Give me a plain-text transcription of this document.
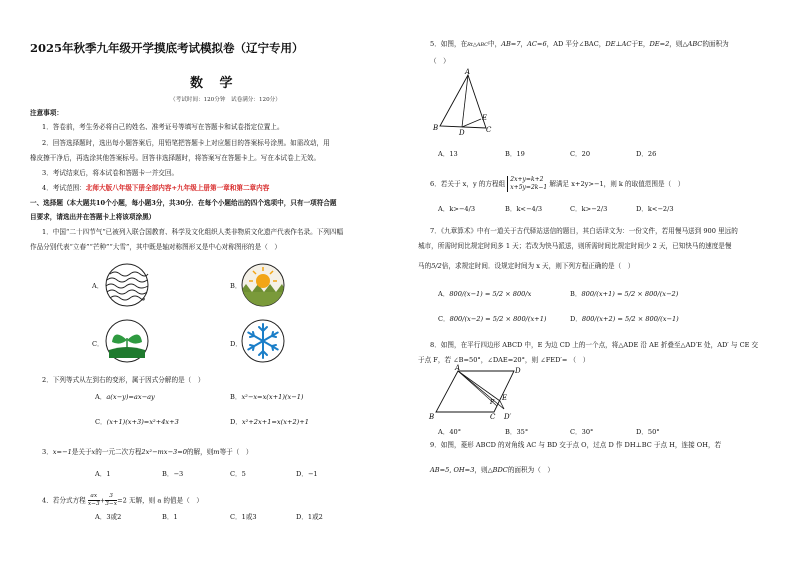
2025年秋季九年级开学摸底考试模拟卷（辽宁专用）
数 学
（考试时间：120分钟　试卷满分：120分）
注意事项：
1．答卷前，考生务必将自己的姓名、准考证号等填写在答题卡和试卷指定位置上。
2．回答选择题时，选出每小题答案后，用铅笔把答题卡上对应题目的答案标号涂黑。如需改动，用
橡皮擦干净后，再选涂其他答案标号。回答非选择题时，将答案写在答题卡上。写在本试卷上无效。
3．考试结束后，将本试卷和答题卡一并交回。
4．考试范围：北师大版八年级下册全部内容+九年级上册第一章和第二章内容
一、选择题（本大题共10个小题，每小题3分，共30分．在每个小题给出的四个选项中，只有一项符合题
目要求，请选出并在答题卡上将该项涂黑）
1．中国“二十四节气”已被列入联合国教育、科学及文化组织人类非物质文化遗产代表作名录。下列四幅
作品分别代表“立春”“芒种”“大雪”，其中既是轴对称图形又是中心对称图形的是（　）
A．	B．
C．	D．
2．下列等式从左到右的变形，属于因式分解的是（　）
A．a(x−y)=ax−ay	B．x²−x=x(x+1)(x−1)
C．(x+1)(x+3)=x²+4x+3	D．x²+2x+1=x(x+2)+1
3．x=−1是关于x的一元二次方程2x²−mx−3=0的解，则m等于（　）
A．1	B．−3	C．5	D．−1
4．若分式方程 $\frac{ax}{x-3} + \frac{3}{3-x} =2$ 无解，则 a 的值是（　）
A．3或2	B．1	C．1或3	D．1或2
5．如图，在Rt△ABC中，AB=7，AC=6，AD 平分∠BAC，DE⊥AC于E，DE=2，则△ABC的面积为
（　）
A
B	C
D
E
A．13	B．19	C．20	D．26
6．若关于 x，y 的方程组
2x+y=k+2
x+5y=2k−1 解满足 x+2y>−1，则 k 的取值范围是（　）
A．k>−4/3	B．k<−4/3	C．k>−2/3	D．k<−2/3
7．《九章算术》中有一道关于古代驿站送信的题目，其白话译文为：一份文件，若用慢马送到 900 里远的
城市，所需时间比规定时间多 1 天；若改为快马派送，则所需时间比规定时间少 2 天，已知快马的速度是慢
马的5/2倍，求规定时间．设规定时间为 x 天，则下列方程正确的是（　）
A．800/(x−1) = 5/2 × 800/x	B．800/(x+1) = 5/2 × 800/(x−2)
C．800/(x−2) = 5/2 × 800/(x+1)	D．800/(x+2) = 5/2 × 800/(x−1)
8．如图，在平行四边形 ABCD 中，E 为边 CD 上的一个点，将△ADE 沿 AE 折叠至△AD′E 处，AD′ 与 CE 交
于点 F，若 ∠B=50°，∠DAE=20°，则 ∠FED′= （　）
A	D
B	C
E
F
D′
A．40°	B．35°	C．30°	D．50°
9．如图，菱形 ABCD 的对角线 AC 与 BD 交于点 O，过点 D 作 DH⊥BC 于点 H，连接 OH，若
AB=5, OH=3，则△BDC的面积为（　）
